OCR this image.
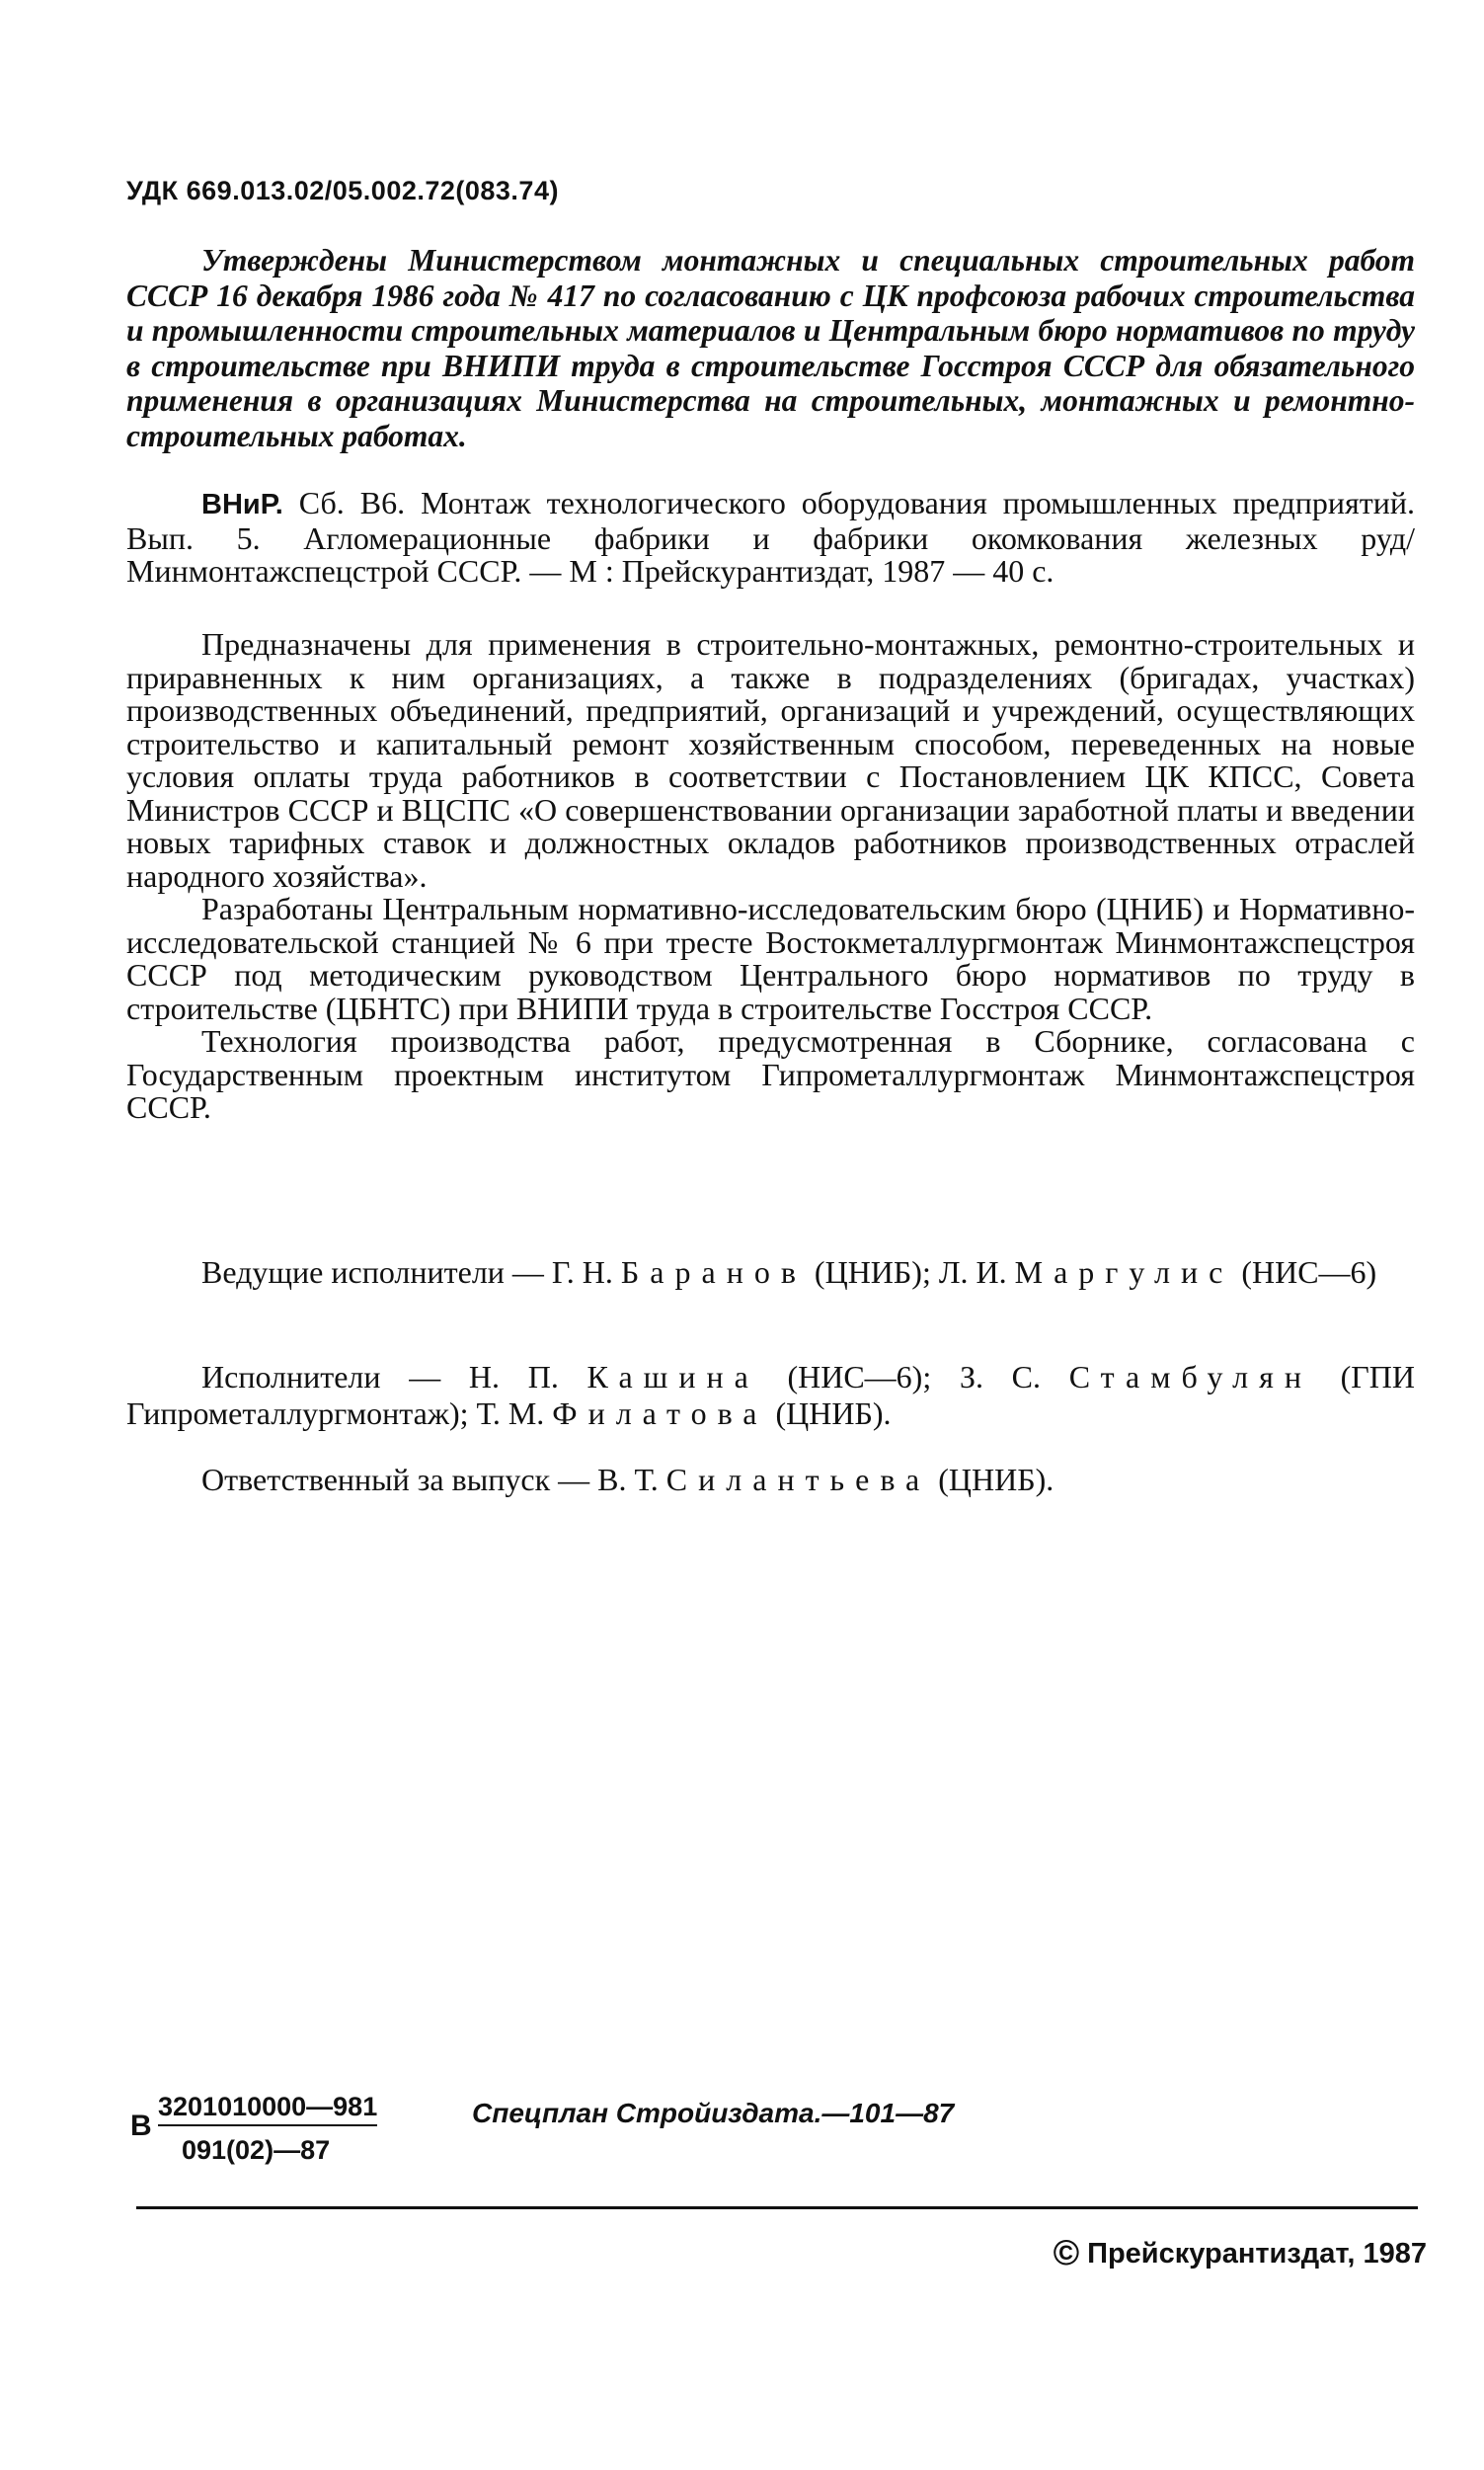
УДК 669.013.02/05.002.72(083.74)
Утверждены Министерством монтажных и специальных строительных работ СССР 16 декабря 1986 года № 417 по согласованию с ЦК профсоюза рабочих строительства и промышленности строительных материалов и Центральным бюро нормативов по труду в строительстве при ВНИПИ труда в строительстве Госстроя СССР для обязательного применения в организациях Министерства на строительных, монтажных и ремонтно-строительных работах.
ВНиР. Сб. В6. Монтаж технологического оборудования промышленных предприятий. Вып. 5. Агломерационные фабрики и фабрики окомкования железных руд/Минмонтажспецстрой СССР. — М : Прейскурантиздат, 1987 — 40 с.

Предназначены для применения в строительно-монтажных, ремонтно-строительных и приравненных к ним организациях, а также в подразделениях (бригадах, участках) производственных объединений, предприятий, организаций и учреждений, осуществляющих строительство и капитальный ремонт хозяйственным способом, переведенных на новые условия оплаты труда работников в соответствии с Постановлением ЦК КПСС, Совета Министров СССР и ВЦСПС «О совершенствовании организации заработной платы и введении новых тарифных ставок и должностных окладов работников производственных отраслей народного хозяйства».

Разработаны Центральным нормативно-исследовательским бюро (ЦНИБ) и Нормативно-исследовательской станцией № 6 при тресте Востокметаллургмонтаж Минмонтажспецстроя СССР под методическим руководством Центрального бюро нормативов по труду в строительстве (ЦБНТС) при ВНИПИ труда в строительстве Госстроя СССР.

Технология производства работ, предусмотренная в Сборнике, согласована с Государственным проектным институтом Гипрометаллургмонтаж Минмонтажспецстроя СССР.

Ведущие исполнители — Г. Н. Баранов (ЦНИБ); Л. И. Маргулис (НИС—6)

Исполнители — Н. П. Кашина (НИС—6); З. С. Стамбулян (ГПИ Гипрометаллургмонтаж); Т. М. Филатова (ЦНИБ).

Ответственный за выпуск — В. Т. Силантьева (ЦНИБ).

В
3201010000—981
091(02)—87
Спецплан Стройиздата.—101—87
© Прейскурантиздат, 1987
